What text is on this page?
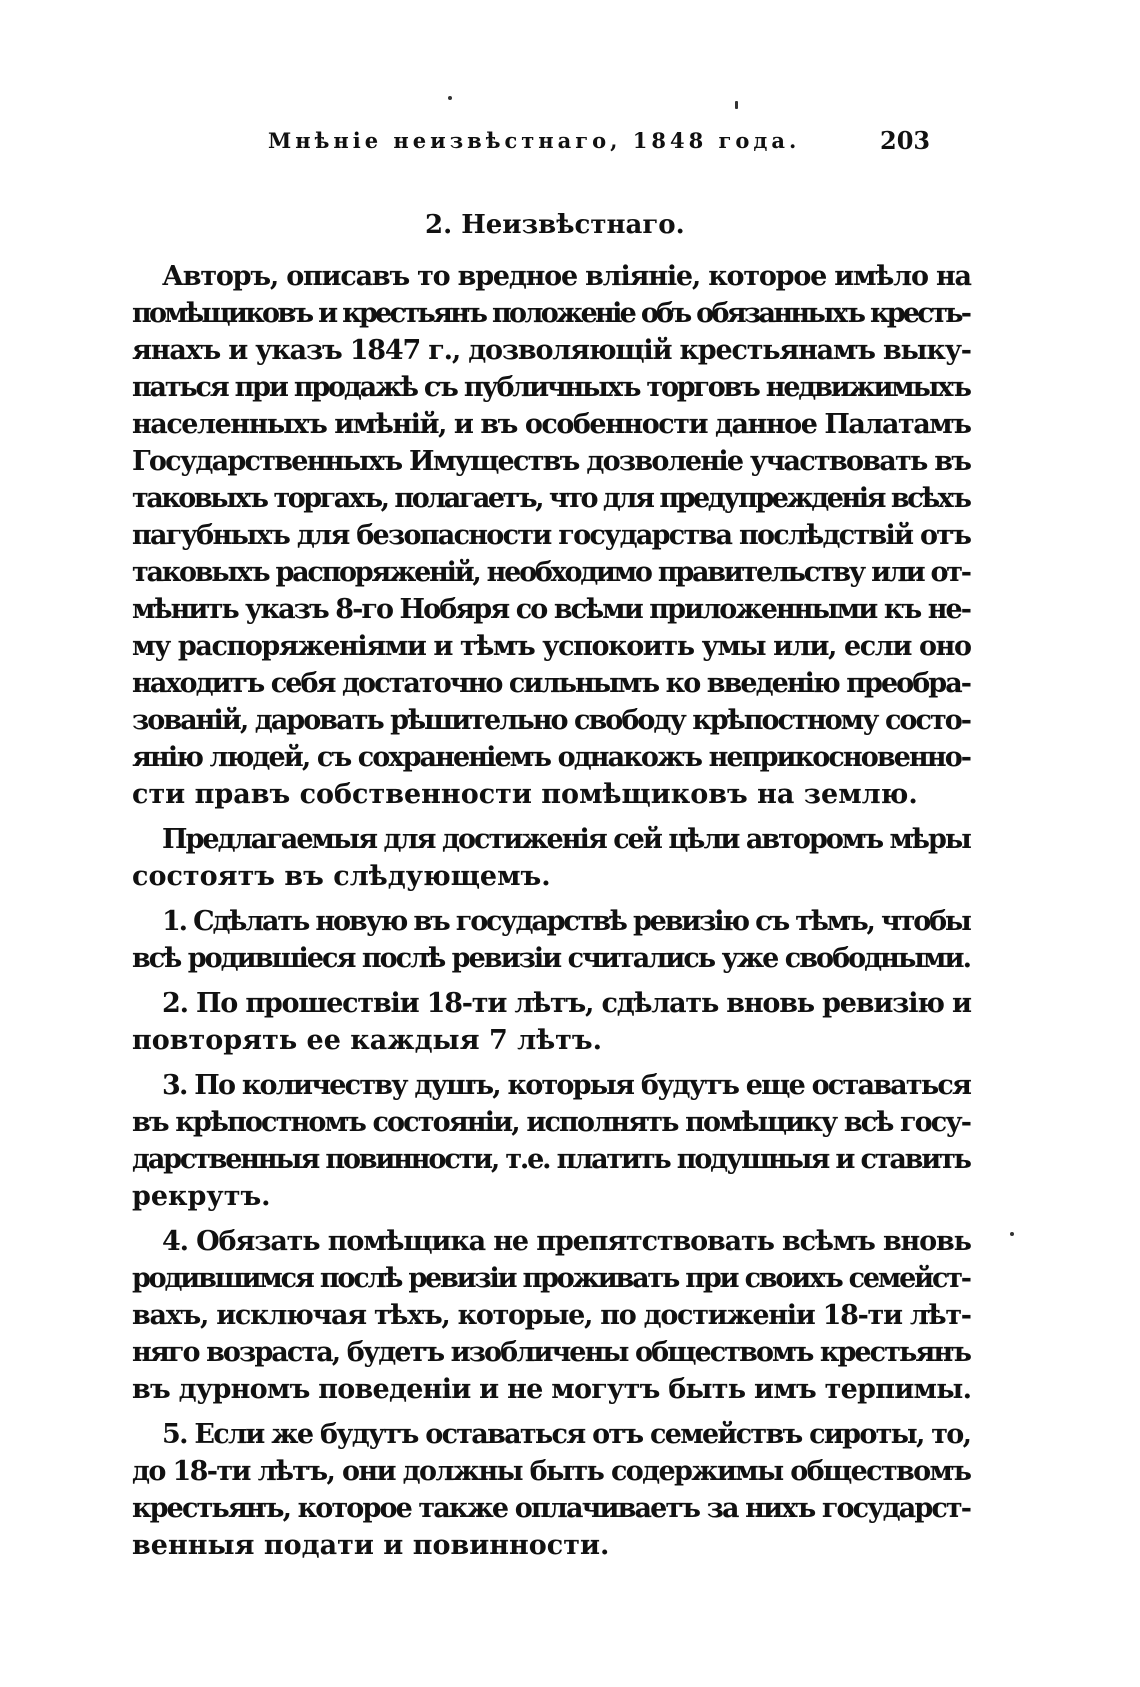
Мнѣніе неизвѣстнаго, 1848 года.	203
2. Неизвѣстнаго.
Авторъ, описавъ то вредное вліяніе, которое имѣло на
помѣщиковъ и крестьянъ положеніе объ обязанныхъ кресть-
янахъ и указъ 1847 г., дозволяющій крестьянамъ выку-
паться при продажѣ съ публичныхъ торговъ недвижимыхъ
населенныхъ имѣній, и въ особенности данное Палатамъ
Государственныхъ Имуществъ дозволеніе участвовать въ
таковыхъ торгахъ, полагаетъ, что для предупрежденія всѣхъ
пагубныхъ для безопасности государства послѣдствій отъ
таковыхъ распоряженій, необходимо правительству или от-
мѣнить указъ 8-го Нобяря со всѣми приложенными къ не-
му распоряженіями и тѣмъ успокоить умы или, если оно
находитъ себя достаточно сильнымъ ко введенію преобра-
зованій, даровать рѣшительно свободу крѣпостному состо-
янію людей, съ сохраненіемъ однакожъ неприкосновенно-
сти правъ собственности помѣщиковъ на землю.
Предлагаемыя для достиженія сей цѣли авторомъ мѣры
состоятъ въ слѣдующемъ.
1. Сдѣлать новую въ государствѣ ревизію съ тѣмъ, чтобы
всѣ родившіеся послѣ ревизіи считались уже свободными.
2. По прошествіи 18-ти лѣтъ, сдѣлать вновь ревизію и
повторять ее каждыя 7 лѣтъ.
3. По количеству душъ, которыя будутъ еще оставаться
въ крѣпостномъ состояніи, исполнять помѣщику всѣ госу-
дарственныя повинности, т.е. платить подушныя и ставить
рекрутъ.
4. Обязать помѣщика не препятствовать всѣмъ вновь
родившимся послѣ ревизіи проживать при своихъ семейст-
вахъ, исключая тѣхъ, которые, по достиженіи 18-ти лѣт-
няго возраста, будетъ изобличены обществомъ крестьянъ
въ дурномъ поведеніи и не могутъ быть имъ терпимы.
5. Если же будутъ оставаться отъ семействъ сироты, то,
до 18-ти лѣтъ, они должны быть содержимы обществомъ
крестьянъ, которое также оплачиваетъ за нихъ государст-
венныя подати и повинности.
